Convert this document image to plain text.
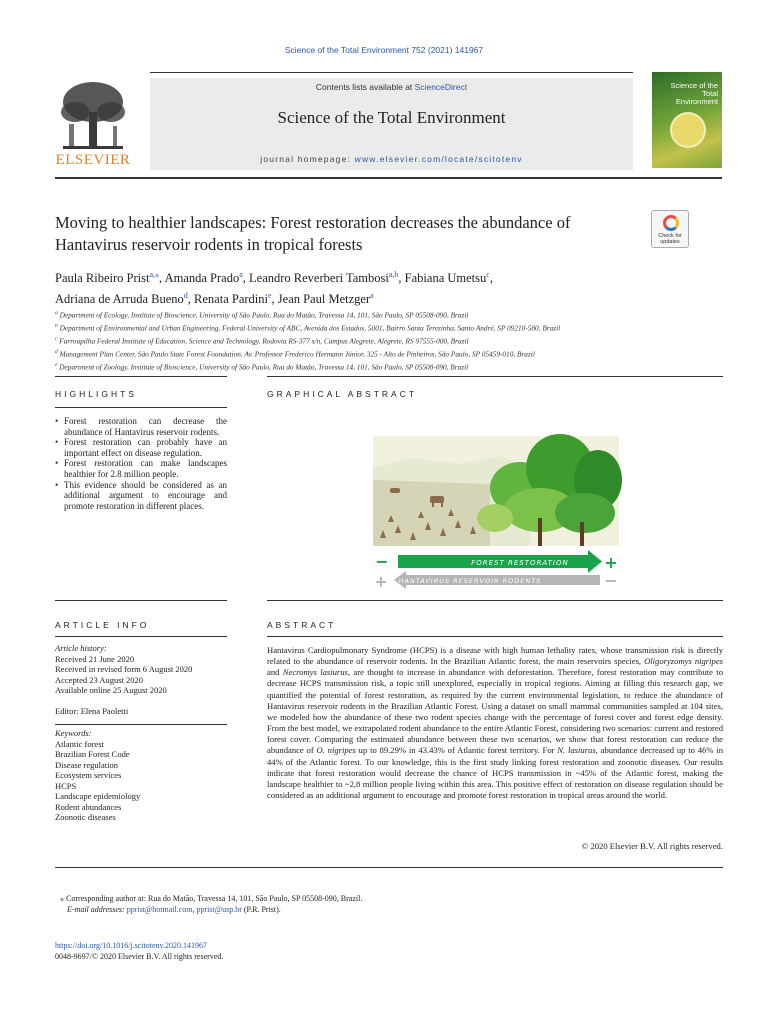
Science of the Total Environment 752 (2021) 141967
ELSEVIER
Contents lists available at ScienceDirect
Science of the Total Environment
journal homepage: www.elsevier.com/locate/scitotenv
Science of the Total Environment
Moving to healthier landscapes: Forest restoration decreases the abundance of Hantavirus reservoir rodents in tropical forests	Check for updates
Paula Ribeiro Prist$^{a,⁎}$, Amanda Prado$^a$, Leandro Reverberi Tambosi$^{a,b}$, Fabiana Umetsu$^c$,
Adriana de Arruda Bueno$^d$, Renata Pardini$^e$, Jean Paul Metzger$^a$
$^a$ Department of Ecology, Institute of Bioscience, University of São Paulo, Rua do Matão, Travessa 14, 101, São Paulo, SP 05508-090, Brazil
$^b$ Department of Environmental and Urban Engineering, Federal University of ABC, Avenida dos Estados, 5001, Bairro Santa Terezinha, Santo André, SP 09210-580, Brazil
$^c$ Farroupilha Federal Institute of Education, Science and Technology, Rodovia RS-377 s/n, Campus Alegrete, Alegrete, RS 97555-000, Brazil
$^d$ Management Plan Center, São Paulo State Forest Foundation, Av. Professor Frederico Hermann Júnior, 325 - Alto de Pinheiros, São Paulo, SP 05459-010, Brazil
$^e$ Department of Zoology, Institute of Bioscience, University of São Paulo, Rua do Matão, Travessa 14, 101, São Paulo, SP 05508-090, Brazil
HIGHLIGHTS	GRAPHICAL ABSTRACT
• Forest restoration can decrease the abundance of Hantavirus reservoir rodents.
• Forest restoration can probably have an important effect on disease regulation.
• Forest restoration can make landscapes healthier for 2.8 million people.
• This evidence should be considered as an additional argument to encourage and promote restoration in different places.
FOREST RESTORATION
−	+
HANTAVIRUS RESERVOIR RODENTS
+	−
ARTICLE INFO	ABSTRACT
Article history:
Received 21 June 2020
Received in revised form 6 August 2020
Accepted 23 August 2020
Available online 25 August 2020
Editor: Elena Paoletti
Keywords:
Atlantic forest
Brazilian Forest Code
Disease regulation
Ecosystem services
HCPS
Landscape epidemiology
Rodent abundances
Zoonotic diseases
Hantavirus Cardiopulmonary Syndrome (HCPS) is a disease with high human lethality rates, whose transmission risk is directly related to the abundance of reservoir rodents. In the Brazilian Atlantic forest, the main reservoirs species, Oligoryzomys nigripes and Necromys lasiurus, are thought to increase in abundance with deforestation. Therefore, forest restoration may contribute to decrease HCPS transmission risk, a topic still unexplored, especially in tropical regions. Aiming at filling this research gap, we quantified the potential of forest restoration, as required by the current environmental legislation, to reduce the abundance of Hantavirus reservoir rodents in the Brazilian Atlantic Forest. Using a dataset on small mammal communities sampled at 104 sites, we modeled how the abundance of these two rodent species change with the percentage of forest cover and forest edge density. From the best model, we extrapolated rodent abundance to the entire Atlantic Forest, considering two scenarios: current and restored forest cover. Comparing the estimated abundance between these two scenarios, we show that forest restoration can reduce the abundance of O. nigripes up to 89.29% in 43.43% of Atlantic forest territory. For N. lasiurus, abundance decreased up to 46% in 44% of the Atlantic forest. To our knowledge, this is the first study linking forest restoration and zoonotic diseases. Our results indicate that forest restoration would decrease the chance of HCPS transmission in ~45% of the Atlantic forest, making the landscape healthier to ~2,8 million people living within this area. This positive effect of restoration on disease regulation should be considered as an additional argument to encourage and promote forest restoration in tropical areas around the world.
© 2020 Elsevier B.V. All rights reserved.
⁎ Corresponding author at: Rua do Matão, Travessa 14, 101, São Paulo, SP 05508-090, Brazil.
E-mail addresses: pprist@hotmail.com, pprist@usp.br (P.R. Prist).
https://doi.org/10.1016/j.scitotenv.2020.141967
0048-9697/© 2020 Elsevier B.V. All rights reserved.
